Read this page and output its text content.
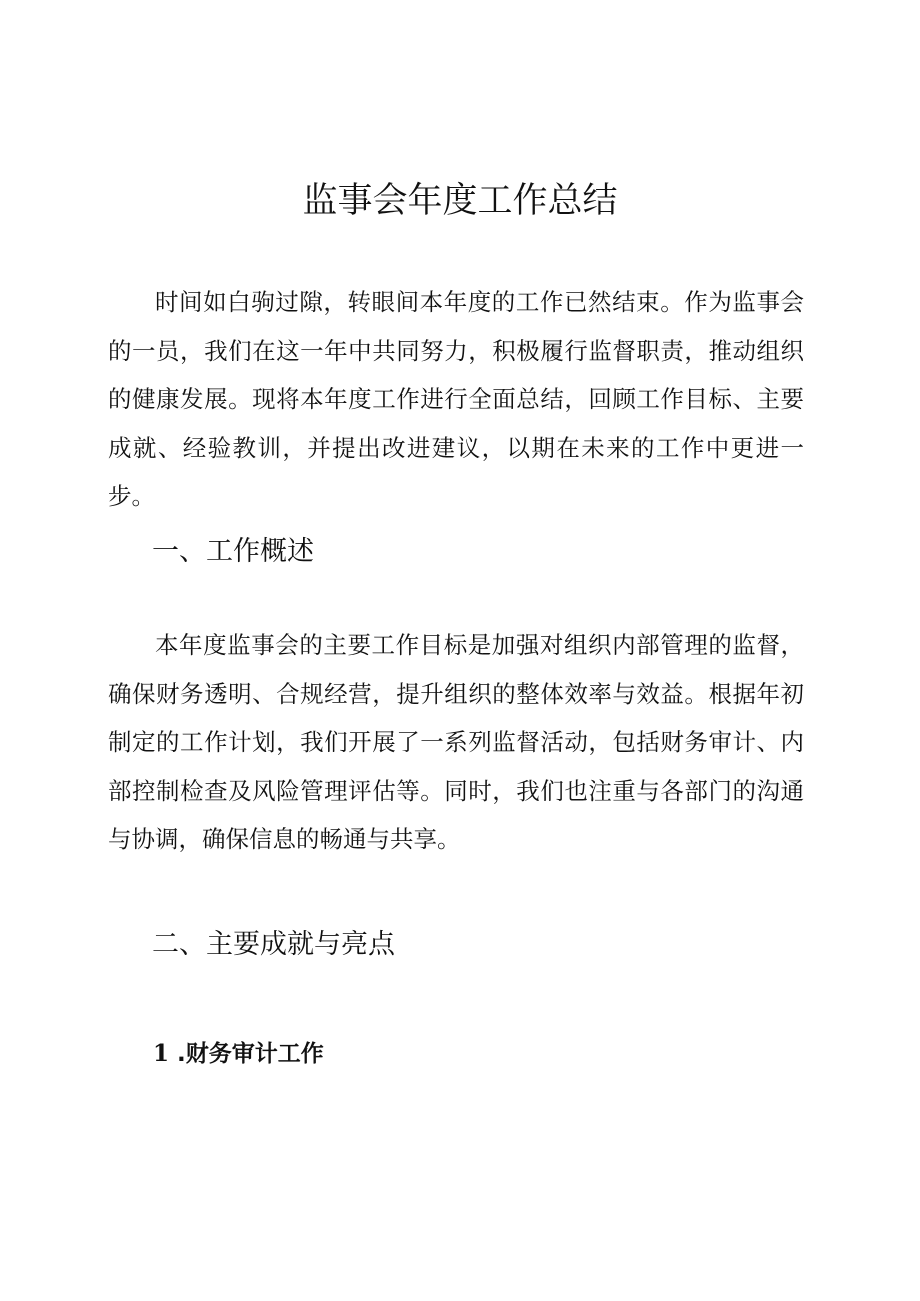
监事会年度工作总结

时间如白驹过隙，转眼间本年度的工作已然结束。作为监事会的一员，我们在这一年中共同努力，积极履行监督职责，推动组织的健康发展。现将本年度工作进行全面总结，回顾工作目标、主要成就、经验教训，并提出改进建议，以期在未来的工作中更进一步。

一、工作概述

本年度监事会的主要工作目标是加强对组织内部管理的监督，确保财务透明、合规经营，提升组织的整体效率与效益。根据年初制定的工作计划，我们开展了一系列监督活动，包括财务审计、内部控制检查及风险管理评估等。同时，我们也注重与各部门的沟通与协调，确保信息的畅通与共享。

二、主要成就与亮点
1 .财务审计工作
